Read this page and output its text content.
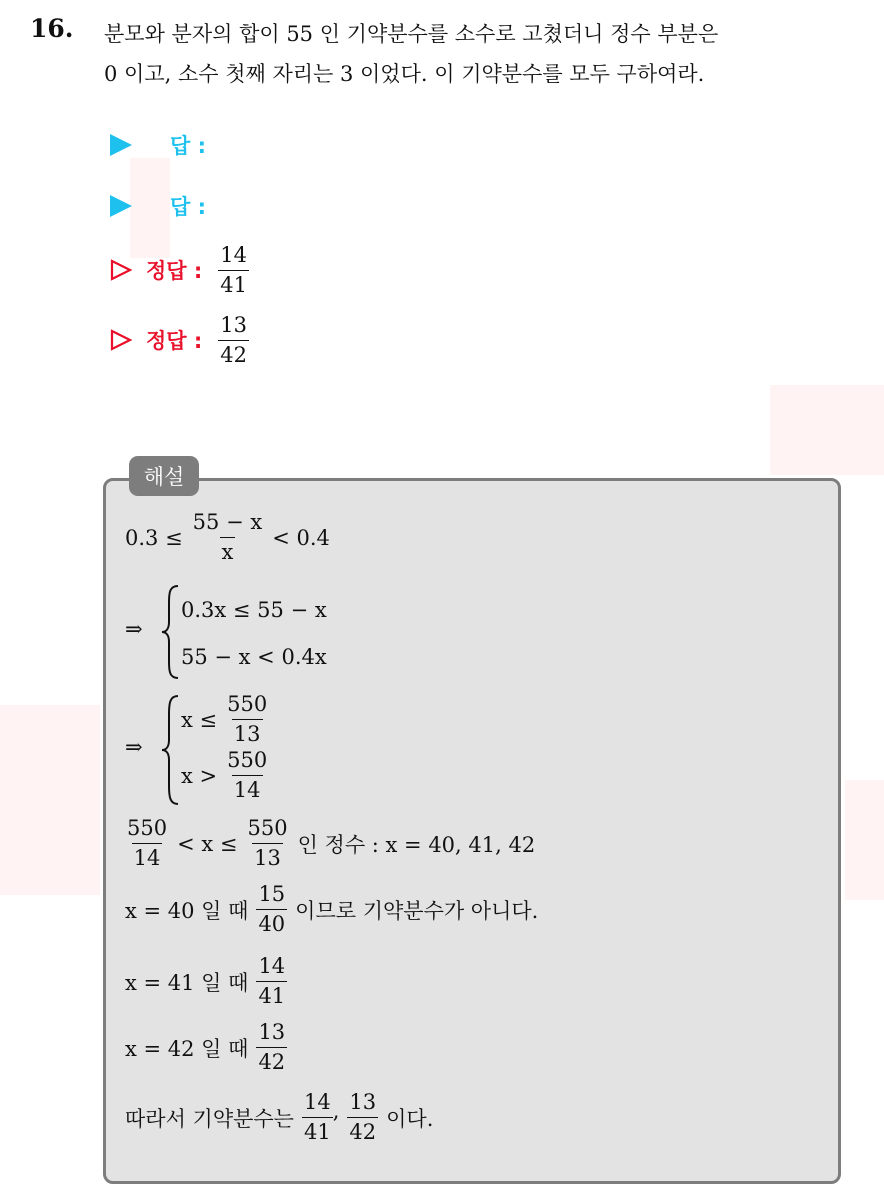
16. 분모와 분자의 합이 55 인 기약분수를 소수로 고쳤더니 정수 부분은
0 이고, 소수 첫째 자리는 3 이었다. 이 기약분수를 모두 구하여라.
답 :
답 :
정답 : $\frac{14}{41}$
정답 : $\frac{13}{42}$
해설
$0.3 \le \frac{55 - x}{x} < 0.4$
⇒
0.3x ≤ 55 − x
55 − x < 0.4x
⇒
$x \le \frac{550}{13}$
$x > \frac{550}{14}$
$\frac{550}{14} < x \le \frac{550}{13}$ 인 정수 : x = 40, 41, 42
x = 40 일 때 $\frac{15}{40}$ 이므로 기약분수가 아니다.
x = 41 일 때 $\frac{14}{41}$
x = 42 일 때 $\frac{13}{42}$
따라서 기약분수는 $\frac{14}{41}$ , $\frac{13}{42}$ 이다.
